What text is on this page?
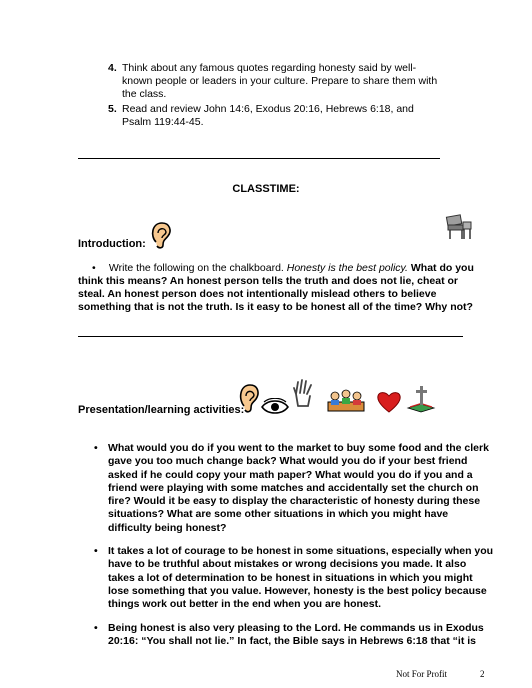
4. Think about any famous quotes regarding honesty said by well-known people or leaders in your culture. Prepare to share them with the class.
5. Read and review John 14:6, Exodus 20:16, Hebrews 6:18, and Psalm 119:44-45.
CLASSTIME:
Introduction:
• Write the following on the chalkboard. Honesty is the best policy. What do you think this means? An honest person tells the truth and does not lie, cheat or steal. An honest person does not intentionally mislead others to believe something that is not the truth. Is it easy to be honest all of the time? Why not?
Presentation/learning activities:
• What would you do if you went to the market to buy some food and the clerk gave you too much change back? What would you do if your best friend asked if he could copy your math paper? What would you do if you and a friend were playing with some matches and accidentally set the church on fire? Would it be easy to display the characteristic of honesty during these situations? What are some other situations in which you might have difficulty being honest?
• It takes a lot of courage to be honest in some situations, especially when you have to be truthful about mistakes or wrong decisions you made. It also takes a lot of determination to be honest in situations in which you might lose something that you value. However, honesty is the best policy because things work out better in the end when you are honest.
• Being honest is also very pleasing to the Lord. He commands us in Exodus 20:16: “You shall not lie.” In fact, the Bible says in Hebrews 6:18 that “it is
Not For Profit	2
